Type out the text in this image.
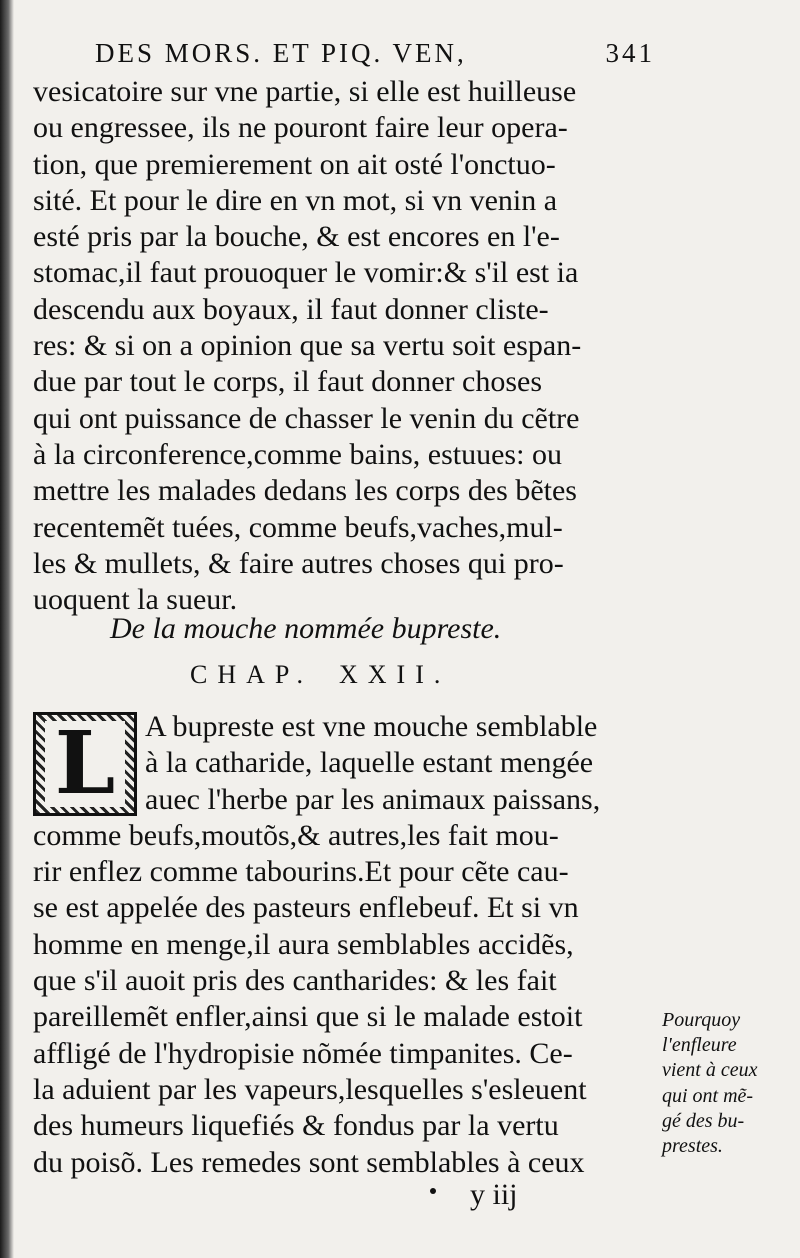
DES MORS. ET PIQ. VEN,	341
vesicatoire sur vne partie, si elle est huilleuse
ou engressee, ils ne pouront faire leur opera-
tion, que premierement on ait osté l'onctuo-
sité. Et pour le dire en vn mot, si vn venin a
esté pris par la bouche, & est encores en l'e-
stomac,il faut prouoquer le vomir:& s'il est ia
descendu aux boyaux, il faut donner cliste-
res: & si on a opinion que sa vertu soit espan-
due par tout le corps, il faut donner choses
qui ont puissance de chasser le venin du cẽtre
à la circonference,comme bains, estuues: ou
mettre les malades dedans les corps des bẽtes
recentemẽt tuées, comme beufs,vaches,mul-
les & mullets, & faire autres choses qui pro-
uoquent la sueur.
De la mouche nommée bupreste.
CHAP. XXII.
L A bupreste est vne mouche semblable
à la catharide, laquelle estant mengée
auec l'herbe par les animaux paissans,
comme beufs,moutõs,& autres,les fait mou-
rir enflez comme tabourins.Et pour cẽte cau-
se est appelée des pasteurs enflebeuf. Et si vn
homme en menge,il aura semblables accidẽs,
que s'il auoit pris des cantharides: & les fait
pareillemẽt enfler,ainsi que si le malade estoit
affligé de l'hydropisie nõmée timpanites. Ce-
la aduient par les vapeurs,lesquelles s'esleuent
des humeurs liquefiés & fondus par la vertu
du poisõ. Les remedes sont semblables à ceux
Pourquoy
l'enfleure
vient à ceux
qui ont mẽ-
gé des bu-
prestes.
y iij
